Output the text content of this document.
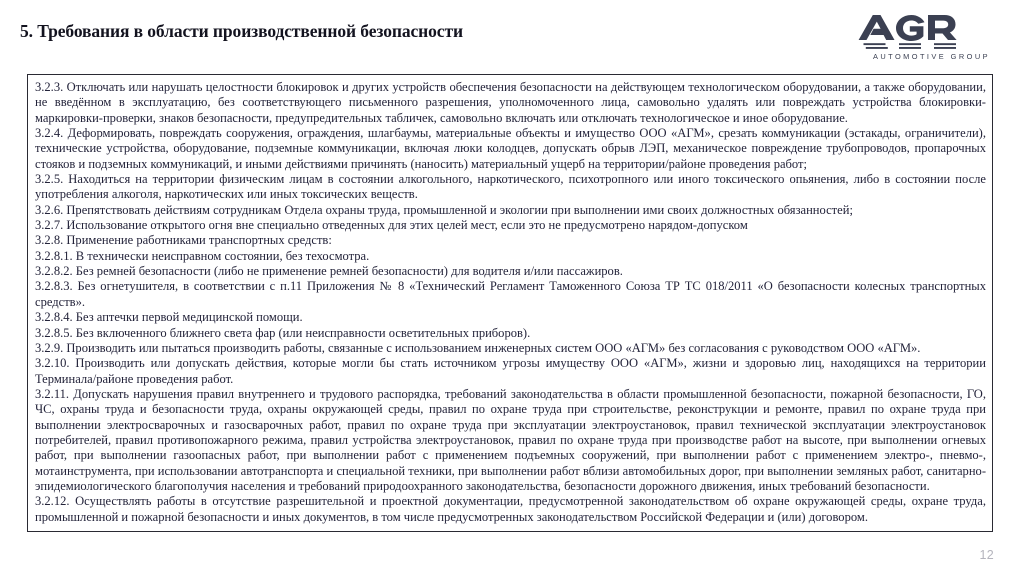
5. Требования в области производственной безопасности
AUTOMOTIVE GROUP

3.2.3. Отключать или нарушать целостности блокировок и других устройств обеспечения безопасности на действующем технологическом оборудовании, а также оборудовании, не введённом в эксплуатацию, без соответствующего письменного разрешения, уполномоченного лица, самовольно удалять или повреждать устройства блокировки-маркировки-проверки, знаков безопасности, предупредительных табличек, самовольно включать или отключать технологическое и иное оборудование.

3.2.4. Деформировать, повреждать сооружения, ограждения, шлагбаумы, материальные объекты и имущество ООО «АГМ», срезать коммуникации (эстакады, ограничители), технические устройства, оборудование, подземные коммуникации, включая люки колодцев, допускать обрыв ЛЭП, механическое повреждение трубопроводов, пропарочных стояков и подземных коммуникаций, и иными действиями причинять (наносить) материальный ущерб на территории/районе проведения работ;

3.2.5. Находиться на территории физическим лицам в состоянии алкогольного, наркотического, психотропного или иного токсического опьянения, либо в состоянии после употребления алкоголя, наркотических или иных токсических веществ.

3.2.6. Препятствовать действиям сотрудникам Отдела охраны труда, промышленной и экологии при выполнении ими своих должностных обязанностей;

3.2.7. Использование открытого огня вне специально отведенных для этих целей мест, если это не предусмотрено нарядом-допуском

3.2.8. Применение работниками транспортных средств:

3.2.8.1. В технически неисправном состоянии, без техосмотра.

3.2.8.2. Без ремней безопасности (либо не применение ремней безопасности) для водителя и/или пассажиров.

3.2.8.3. Без огнетушителя, в соответствии с п.11 Приложения № 8 «Технический Регламент Таможенного Союза ТР ТС 018/2011 «О безопасности колесных транспортных средств».

3.2.8.4. Без аптечки первой медицинской помощи.

3.2.8.5. Без включенного ближнего света фар (или неисправности осветительных приборов).

3.2.9. Производить или пытаться производить работы, связанные с использованием инженерных систем ООО «АГМ» без согласования с руководством ООО «АГМ».

3.2.10. Производить или допускать действия, которые могли бы стать источником угрозы имуществу ООО «АГМ», жизни и здоровью лиц, находящихся на территории Терминала/районе проведения работ.

3.2.11. Допускать нарушения правил внутреннего и трудового распорядка, требований законодательства в области промышленной безопасности, пожарной безопасности, ГО, ЧС, охраны труда и безопасности труда, охраны окружающей среды, правил по охране труда при строительстве, реконструкции и ремонте, правил по охране труда при выполнении электросварочных и газосварочных работ, правил по охране труда при эксплуатации электроустановок, правил технической эксплуатации электроустановок потребителей, правил противопожарного режима, правил устройства электроустановок, правил по охране труда при производстве работ на высоте, при выполнении огневых работ, при выполнении газоопасных работ, при выполнении работ с применением подъемных сооружений, при выполнении работ с применением электро-, пневмо-, мотаинструмента, при использовании автотранспорта и специальной техники, при выполнении работ вблизи автомобильных дорог, при выполнении земляных работ, санитарно-эпидемиологического благополучия населения и требований природоохранного законодательства, безопасности дорожного движения, иных требований безопасности.

3.2.12. Осуществлять работы в отсутствие разрешительной и проектной документации, предусмотренной законодательством об охране окружающей среды, охране труда, промышленной и пожарной безопасности и иных документов, в том числе предусмотренных законодательством Российской Федерации и (или) договором.

12
